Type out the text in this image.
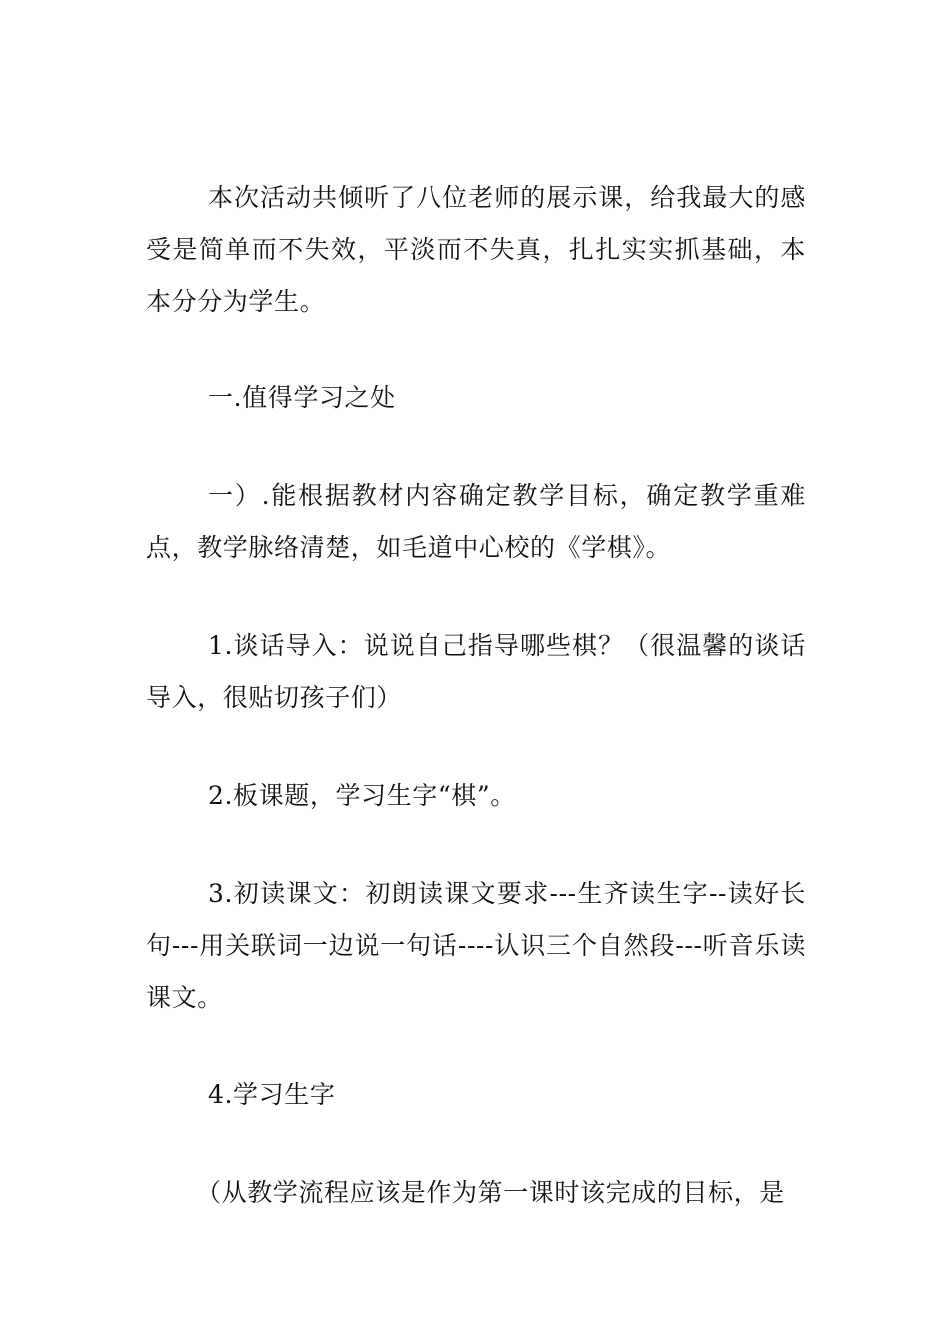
本次活动共倾听了八位老师的展示课，给我最大的感受是简单而不失效，平淡而不失真，扎扎实实抓基础，本本分分为学生。

一.值得学习之处

一）.能根据教材内容确定教学目标，确定教学重难点，教学脉络清楚，如毛道中心校的《学棋》。

1.谈话导入：说说自己指导哪些棋？（很温馨的谈话导入，很贴切孩子们）

2.板课题，学习生字“棋”。

3.初读课文：初朗读课文要求---生齐读生字--读好长句---用关联词一边说一句话----认识三个自然段---听音乐读课文。

4.学习生字

（从教学流程应该是作为第一课时该完成的目标，是
